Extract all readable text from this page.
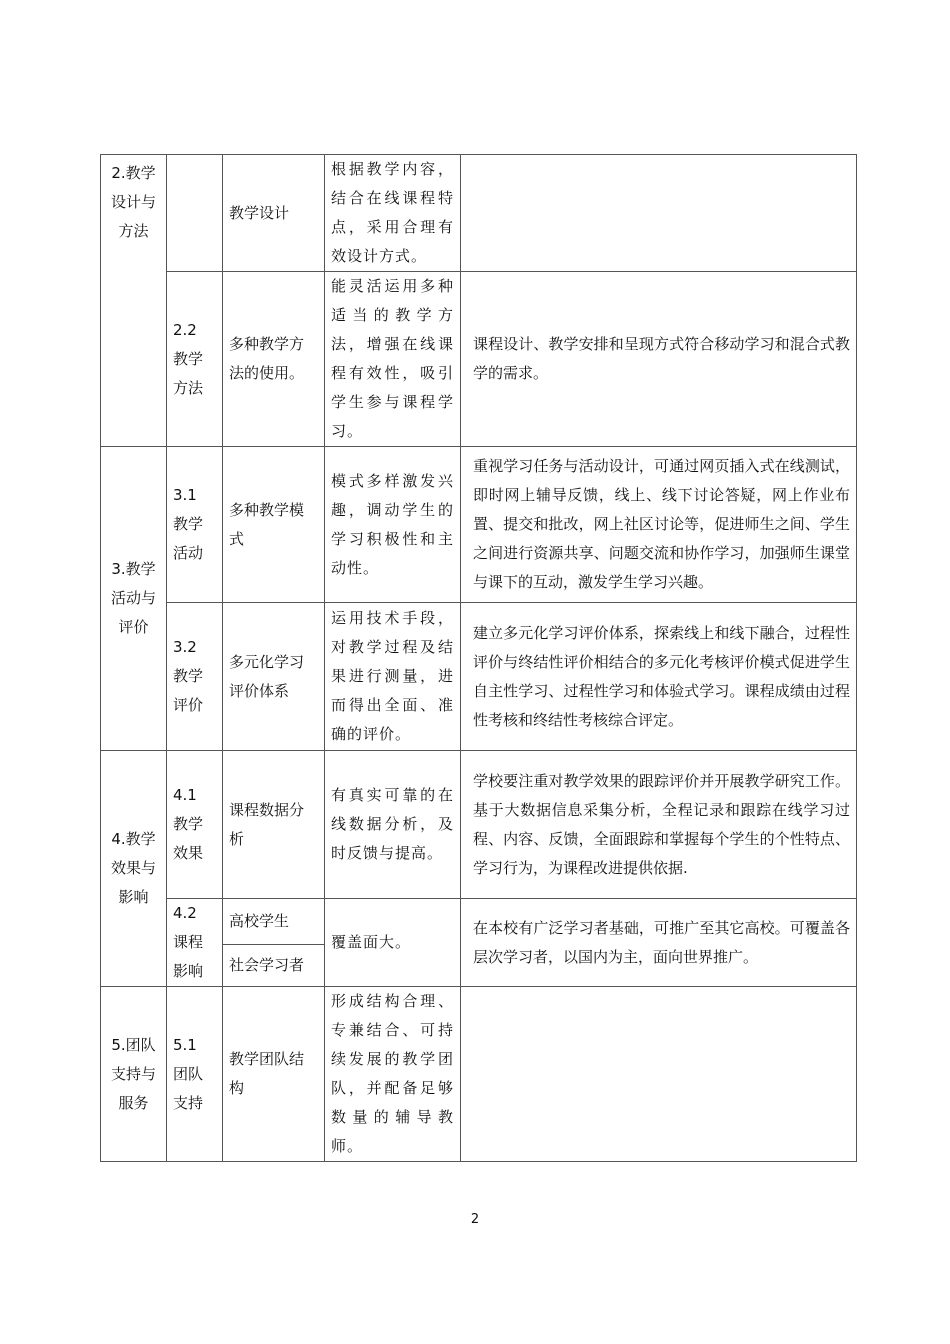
2.教学设计与方法		教学设计	根据教学内容，结合在线课程特点，采用合理有效设计方式。	

	2.2 教学方法	多种教学方法的使用。	能灵活运用多种适当的教学方法，增强在线课程有效性，吸引学生参与课程学习。	课程设计、教学安排和呈现方式符合移动学习和混合式教学的需求。

3.教学活动与评价	3.1 教学活动	多种教学模式	模式多样激发兴趣，调动学生的学习积极性和主动性。	重视学习任务与活动设计，可通过网页插入式在线测试，即时网上辅导反馈，线上、线下讨论答疑，网上作业布置、提交和批改，网上社区讨论等，促进师生之间、学生之间进行资源共享、问题交流和协作学习，加强师生课堂与课下的互动，激发学生学习兴趣。

	3.2 教学评价	多元化学习评价体系	运用技术手段，对教学过程及结果进行测量，进而得出全面、准确的评价。	建立多元化学习评价体系，探索线上和线下融合，过程性评价与终结性评价相结合的多元化考核评价模式促进学生自主性学习、过程性学习和体验式学习。课程成绩由过程性考核和终结性考核综合评定。

4.教学效果与影响	4.1 教学效果	课程数据分析	有真实可靠的在线数据分析，及时反馈与提高。	学校要注重对教学效果的跟踪评价并开展教学研究工作。基于大数据信息采集分析，全程记录和跟踪在线学习过程、内容、反馈，全面跟踪和掌握每个学生的个性特点、学习行为，为课程改进提供依据.

	4.2 课程影响	高校学生	覆盖面大。	在本校有广泛学习者基础，可推广至其它高校。可覆盖各层次学习者，以国内为主，面向世界推广。

		社会学习者		

5.团队支持与服务	5.1 团队支持	教学团队结构	形成结构合理、专兼结合、可持续发展的教学团队，并配备足够数量的辅导教师。	

2
